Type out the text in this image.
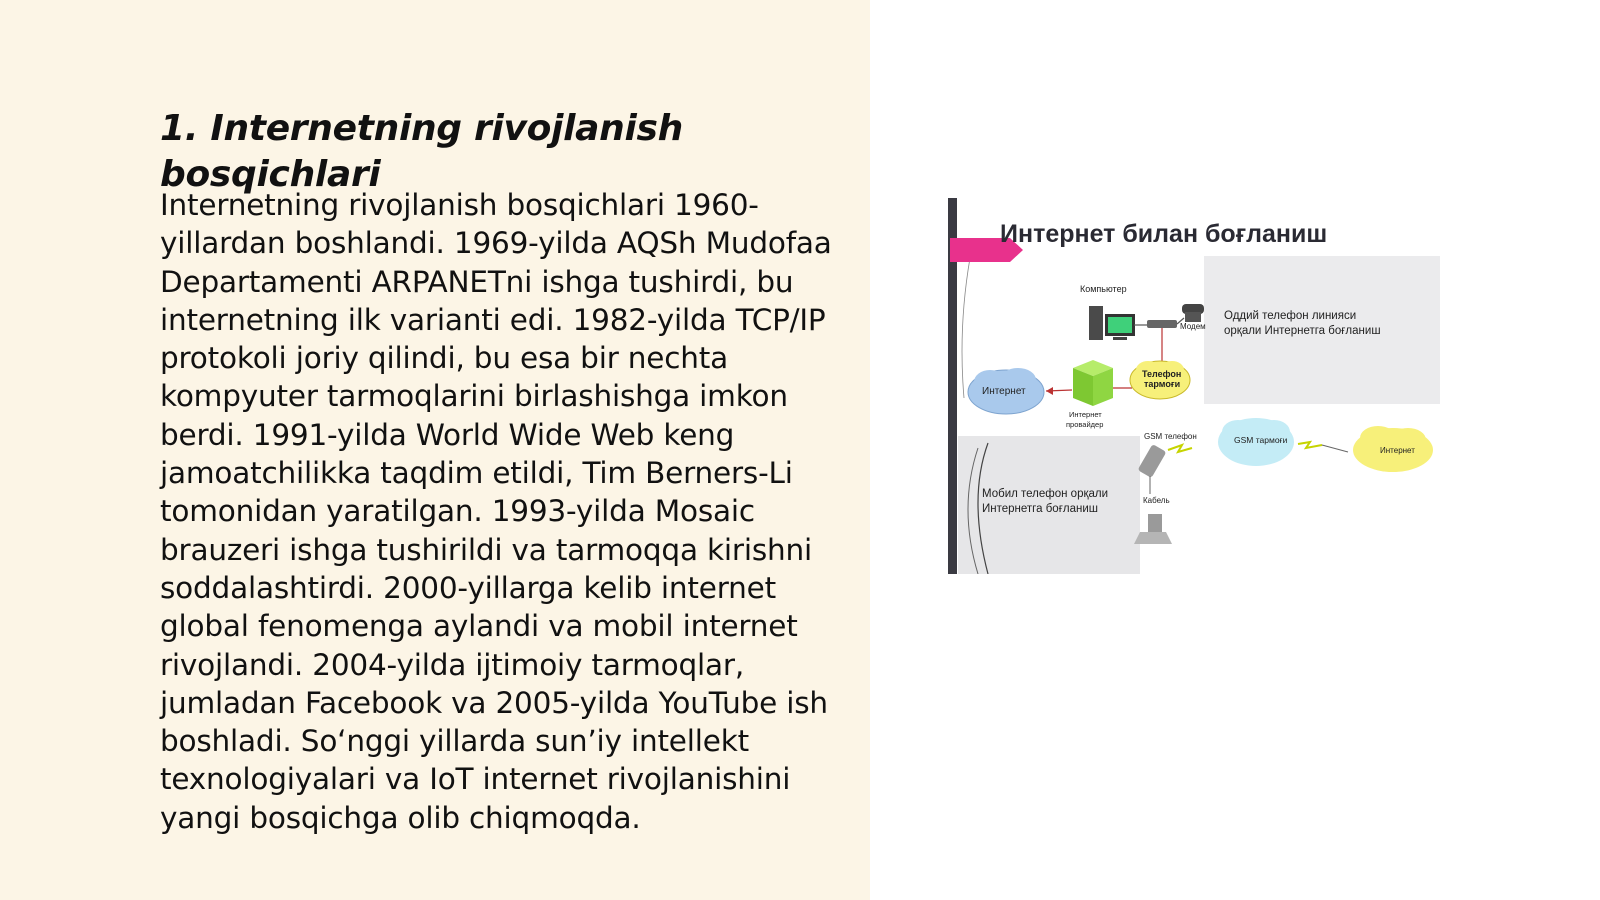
1. Internetning rivojlanish bosqichlari

Internetning rivojlanish bosqichlari 1960-yillardan boshlandi. 1969-yilda AQSh Mudofaa Departamenti ARPANETni ishga tushirdi, bu internetning ilk varianti edi. 1982-yilda TCP/IP protokoli joriy qilindi, bu esa bir nechta kompyuter tarmoqlarini birlashishga imkon berdi. 1991-yilda World Wide Web keng jamoatchilikka taqdim etildi, Tim Berners-Li tomonidan yaratilgan. 1993-yilda Mosaic brauzeri ishga tushirildi va tarmoqqa kirishni soddalashtirdi. 2000-yillarga kelib internet global fenomenga aylandi va mobil internet rivojlandi. 2004-yilda ijtimoiy tarmoqlar, jumladan Facebook va 2005-yilda YouTube ish boshladi. So‘nggi yillarda sun’iy intellekt texnologiyalari va IoT internet rivojlanishini yangi bosqichga olib chiqmoqda.

Интернет билан боғланиш

Компьютер
Модем
Оддий телефон линияси
орқали Интернетга боғланиш
Интернет
Интернет
провайдер
Телефон
тармоғи
GSM телефон	GSM тармоғи
Интернет
Кабель
Мобил телефон орқали
Интернетга боғланиш
